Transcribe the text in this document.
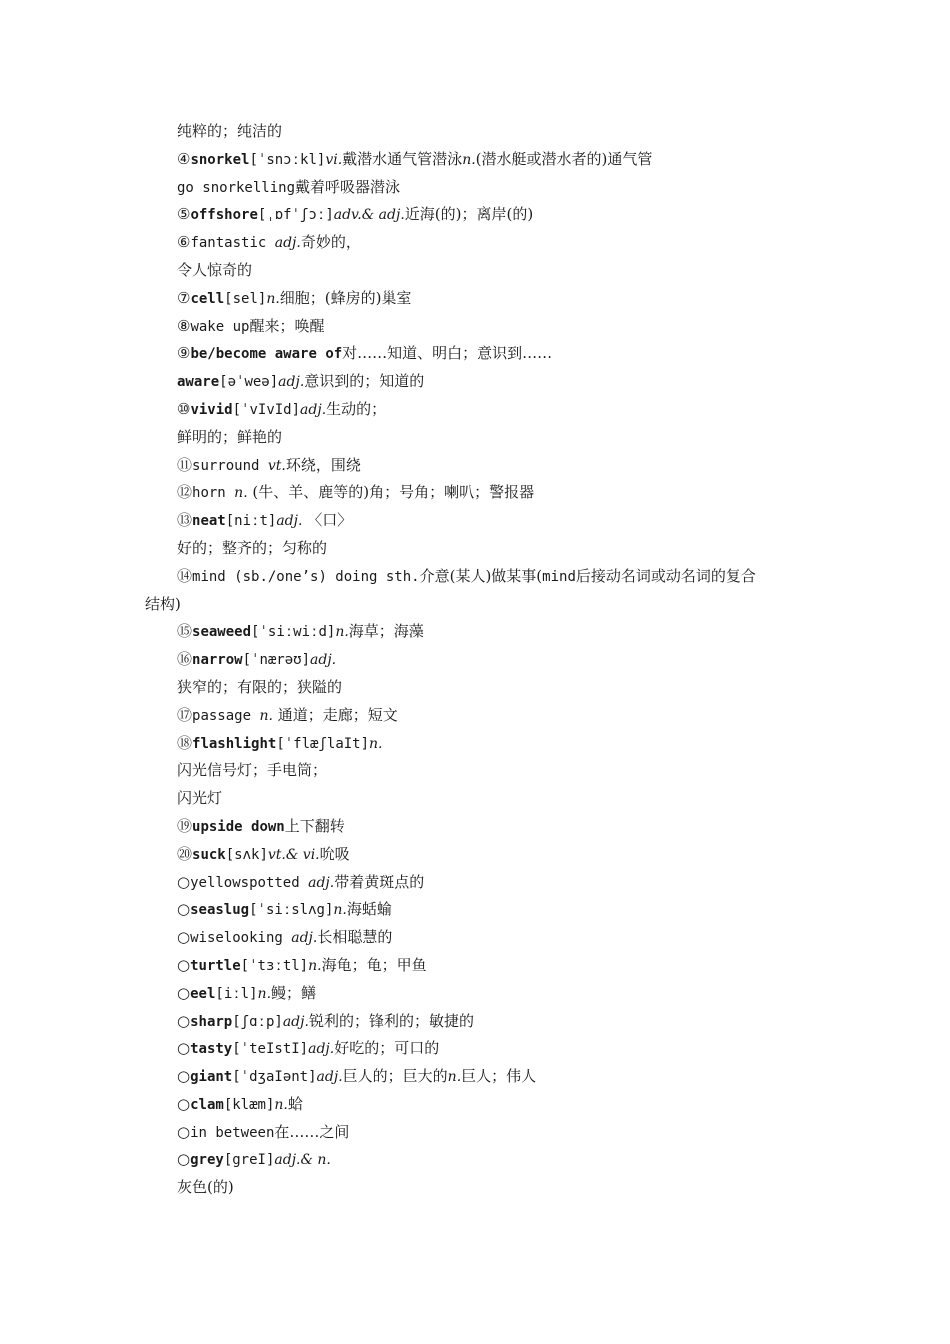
纯粹的；纯洁的
④snorkel[ˈsnɔːkl]vi.戴潜水通气管潜泳n.(潜水艇或潜水者的)通气管
go snorkelling戴着呼吸器潜泳
⑤offshore[ˌɒfˈʃɔː]adv.& adj.近海(的)；离岸(的)
⑥fantastic adj.奇妙的，
令人惊奇的
⑦cell[sel]n.细胞；(蜂房的)巢室
⑧wake up醒来；唤醒
⑨be/become aware of对……知道、明白；意识到……
aware[əˈweə]adj.意识到的；知道的
⑩vivid[ˈvIvId]adj.生动的；
鲜明的；鲜艳的
⑪surround vt.环绕，围绕
⑫horn n. (牛、羊、鹿等的)角；号角；喇叭；警报器
⑬neat[niːt]adj. 〈口〉
好的；整齐的；匀称的
⑭mind (sb./one’s) doing sth.介意(某人)做某事(mind后接动名词或动名词的复合
结构)
⑮seaweed[ˈsiːwiːd]n.海草；海藻
⑯narrow[ˈnærəʊ]adj.
狭窄的；有限的；狭隘的
⑰passage n. 通道；走廊；短文
⑱flashlight[ˈflæʃlaIt]n.
闪光信号灯；手电筒；
闪光灯
⑲upside down上下翻转
⑳suck[sʌk]vt.& vi.吮吸
○yellowspotted adj.带着黄斑点的
○seaslug[ˈsiːslʌg]n.海蛞蝓
○wiselooking adj.长相聪慧的
○turtle[ˈtɜːtl]n.海龟；龟；甲鱼
○eel[iːl]n.鳗；鳝
○sharp[ʃɑːp]adj.锐利的；锋利的；敏捷的
○tasty[ˈteIstI]adj.好吃的；可口的
○giant[ˈdʒaIənt]adj.巨人的；巨大的n.巨人；伟人
○clam[klæm]n.蛤
○in between在……之间
○grey[greI]adj.& n.
灰色(的)
